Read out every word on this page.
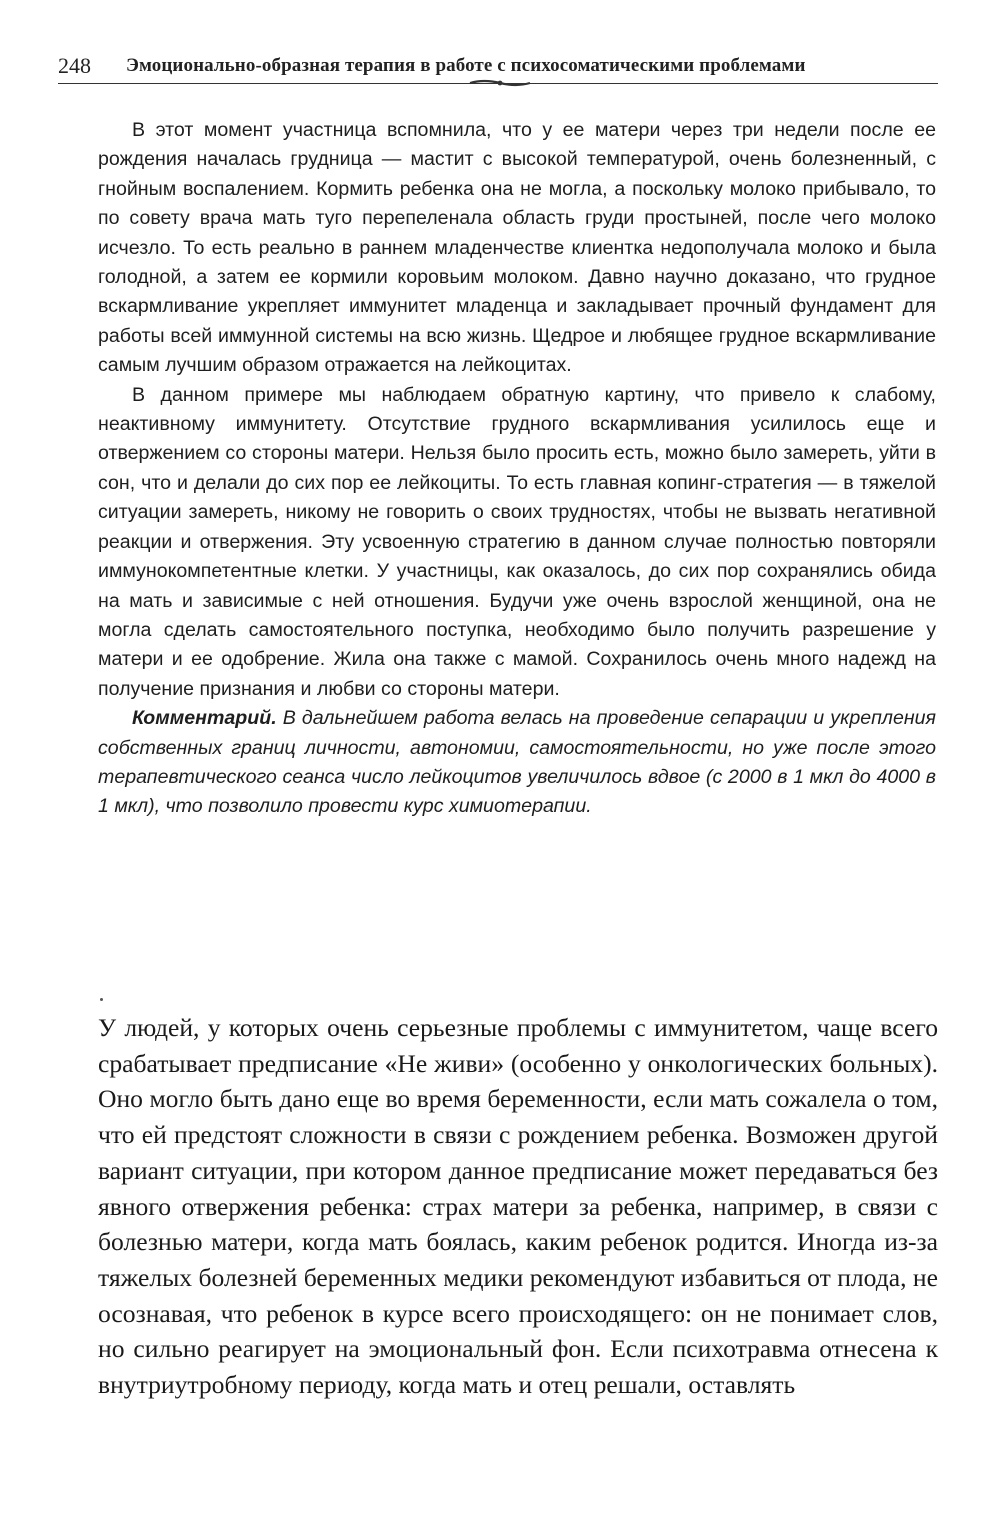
248 Эмоционально-образная терапия в работе с психосоматическими проблемами

В этот момент участница вспомнила, что у ее матери через три недели после ее рождения началась грудница — мастит с высокой температурой, очень болезненный, с гнойным воспалением. Кормить ребенка она не могла, а поскольку молоко прибывало, то по совету врача мать туго перепеленала область груди простыней, после чего молоко исчезло. То есть реально в раннем младенчестве клиентка недополучала молоко и была голодной, а затем ее кормили коровьим молоком. Давно научно доказано, что грудное вскармливание укрепляет иммунитет младенца и закладывает прочный фундамент для работы всей иммунной системы на всю жизнь. Щедрое и любящее грудное вскармливание самым лучшим образом отражается на лейкоцитах.

В данном примере мы наблюдаем обратную картину, что привело к слабому, неактивному иммунитету. Отсутствие грудного вскармливания усилилось еще и отвержением со стороны матери. Нельзя было просить есть, можно было замереть, уйти в сон, что и делали до сих пор ее лейкоциты. То есть главная копинг-стратегия — в тяжелой ситуации замереть, никому не говорить о своих трудностях, чтобы не вызвать негативной реакции и отвержения. Эту усвоенную стратегию в данном случае полностью повторяли иммунокомпетентные клетки. У участницы, как оказалось, до сих пор сохранялись обида на мать и зависимые с ней отношения. Будучи уже очень взрослой женщиной, она не могла сделать самостоятельного поступка, необходимо было получить разрешение у матери и ее одобрение. Жила она также с мамой. Сохранилось очень много надежд на получение признания и любви со стороны матери.

Комментарий. В дальнейшем работа велась на проведение сепарации и укрепления собственных границ личности, автономии, самостоятельности, но уже после этого терапевтического сеанса число лейкоцитов увеличилось вдвое (с 2000 в 1 мкл до 4000 в 1 мкл), что позволило провести курс химиотерапии.

У людей, у которых очень серьезные проблемы с иммунитетом, чаще всего срабатывает предписание «Не живи» (особенно у онкологических больных). Оно могло быть дано еще во время беременности, если мать сожалела о том, что ей предстоят сложности в связи с рождением ребенка. Возможен другой вариант ситуации, при котором данное предписание может передаваться без явного отвержения ребенка: страх матери за ребенка, например, в связи с болезнью матери, когда мать боялась, каким ребенок родится. Иногда из-за тяжелых болезней беременных медики рекомендуют избавиться от плода, не осознавая, что ребенок в курсе всего происходящего: он не понимает слов, но сильно реагирует на эмоциональный фон. Если психотравма отнесена к внутриутробному периоду, когда мать и отец решали, оставлять
